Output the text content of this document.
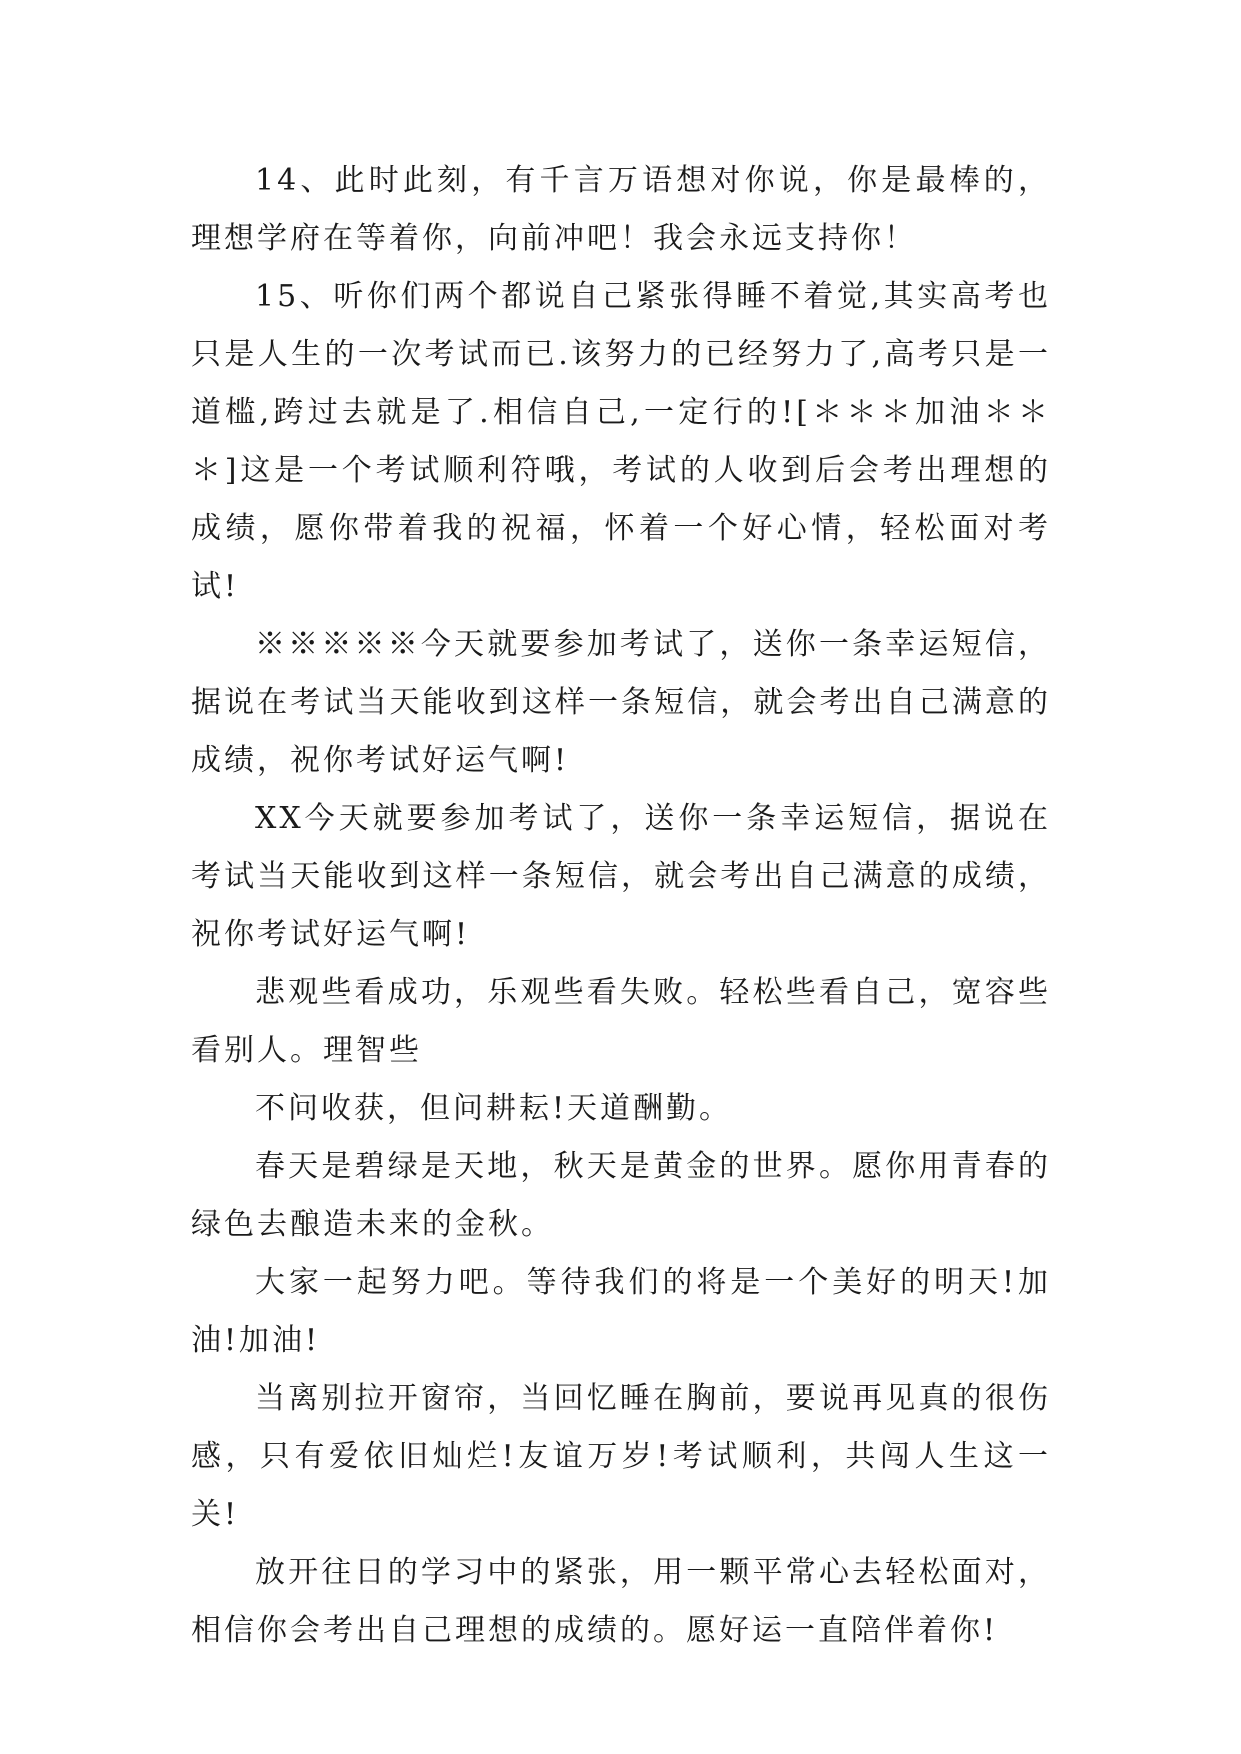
14、此时此刻，有千言万语想对你说，你是最棒的，理想学府在等着你，向前冲吧！我会永远支持你！

15、听你们两个都说自己紧张得睡不着觉,其实高考也只是人生的一次考试而已.该努力的已经努力了,高考只是一道槛,跨过去就是了.相信自己,一定行的![＊＊＊加油＊＊＊]这是一个考试顺利符哦，考试的人收到后会考出理想的成绩，愿你带着我的祝福，怀着一个好心情，轻松面对考试!

※※※※※今天就要参加考试了，送你一条幸运短信，据说在考试当天能收到这样一条短信，就会考出自己满意的成绩，祝你考试好运气啊!

XX今天就要参加考试了，送你一条幸运短信，据说在考试当天能收到这样一条短信，就会考出自己满意的成绩，祝你考试好运气啊!

悲观些看成功，乐观些看失败。轻松些看自己，宽容些看别人。理智些

不问收获，但问耕耘!天道酬勤。

春天是碧绿是天地，秋天是黄金的世界。愿你用青春的绿色去酿造未来的金秋。

大家一起努力吧。等待我们的将是一个美好的明天!加油!加油!

当离别拉开窗帘，当回忆睡在胸前，要说再见真的很伤感，只有爱依旧灿烂!友谊万岁!考试顺利，共闯人生这一关!

放开往日的学习中的紧张，用一颗平常心去轻松面对，相信你会考出自己理想的成绩的。愿好运一直陪伴着你!
